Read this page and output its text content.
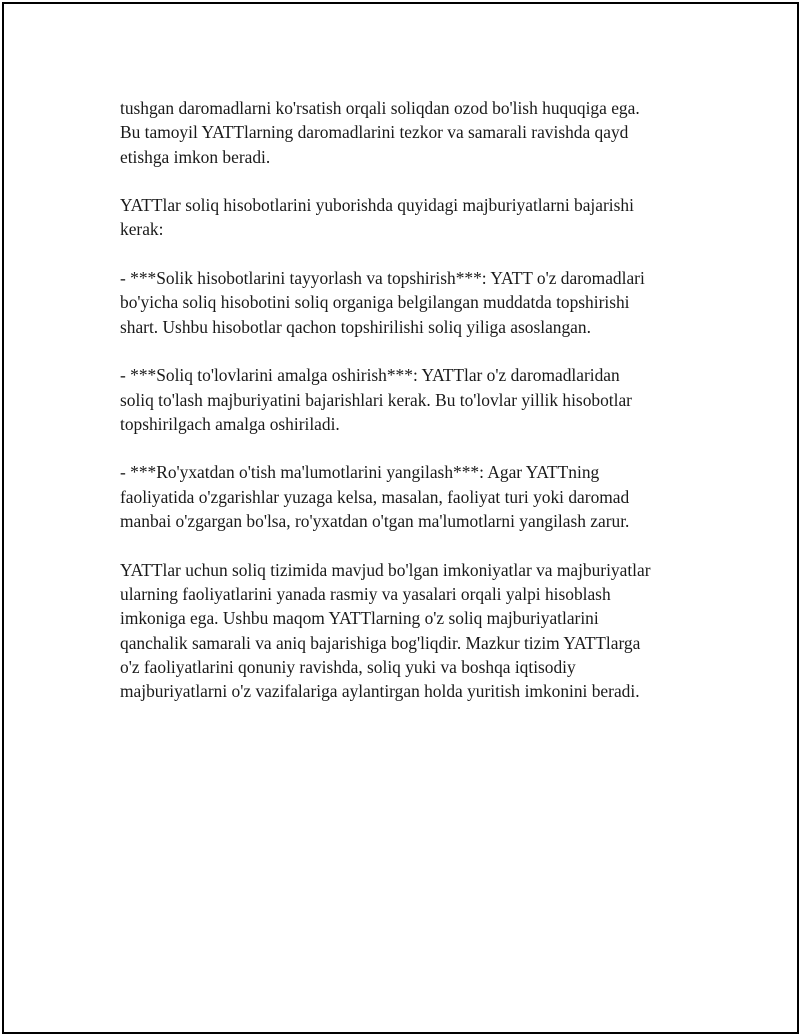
tushgan daromadlarni ko'rsatish orqali soliqdan ozod bo'lish huquqiga ega.
Bu tamoyil YATTlarning daromadlarini tezkor va samarali ravishda qayd
etishga imkon beradi.

YATTlar soliq hisobotlarini yuborishda quyidagi majburiyatlarni bajarishi
kerak:

- ***Solik hisobotlarini tayyorlash va topshirish***: YATT o'z daromadlari
bo'yicha soliq hisobotini soliq organiga belgilangan muddatda topshirishi
shart. Ushbu hisobotlar qachon topshirilishi soliq yiliga asoslangan.

- ***Soliq to'lovlarini amalga oshirish***: YATTlar o'z daromadlaridan
soliq to'lash majburiyatini bajarishlari kerak. Bu to'lovlar yillik hisobotlar
topshirilgach amalga oshiriladi.

- ***Ro'yxatdan o'tish ma'lumotlarini yangilash***: Agar YATTning
faoliyatida o'zgarishlar yuzaga kelsa, masalan, faoliyat turi yoki daromad
manbai o'zgargan bo'lsa, ro'yxatdan o'tgan ma'lumotlarni yangilash zarur.

YATTlar uchun soliq tizimida mavjud bo'lgan imkoniyatlar va majburiyatlar
ularning faoliyatlarini yanada rasmiy va yasalari orqali yalpi hisoblash
imkoniga ega. Ushbu maqom YATTlarning o'z soliq majburiyatlarini
qanchalik samarali va aniq bajarishiga bog'liqdir. Mazkur tizim YATTlarga
o'z faoliyatlarini qonuniy ravishda, soliq yuki va boshqa iqtisodiy
majburiyatlarni o'z vazifalariga aylantirgan holda yuritish imkonini beradi.
